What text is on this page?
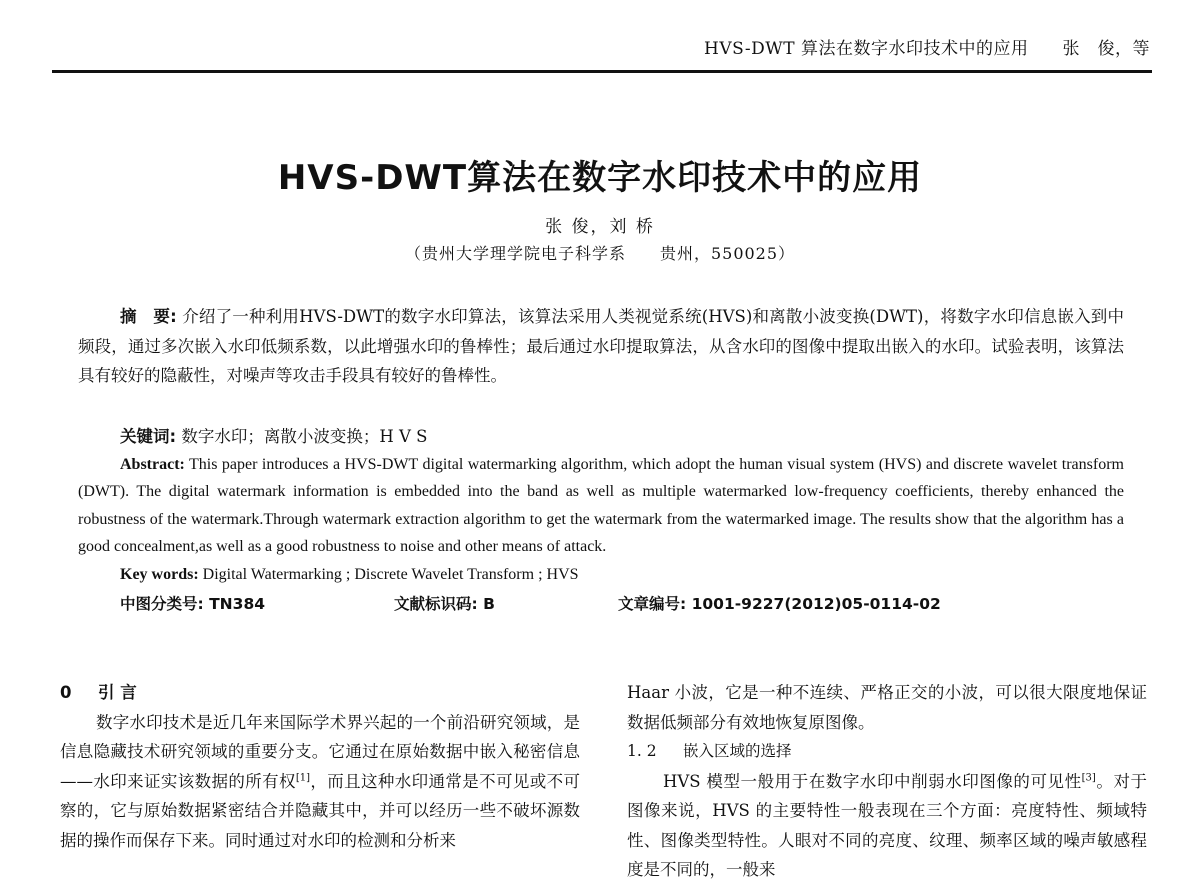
HVS-DWT 算法在数字水印技术中的应用 张　俊，等
HVS-DWT算法在数字水印技术中的应用
张 俊，刘 桥
（贵州大学理学院电子科学系　　贵州，550025）
摘　要: 介绍了一种利用HVS-DWT的数字水印算法，该算法采用人类视觉系统(HVS)和离散小波变换(DWT)，将数字水印信息嵌入到中频段，通过多次嵌入水印低频系数，以此增强水印的鲁棒性；最后通过水印提取算法，从含水印的图像中提取出嵌入的水印。试验表明，该算法具有较好的隐蔽性，对噪声等攻击手段具有较好的鲁棒性。
关键词: 数字水印；离散小波变换；H V S
Abstract: This paper introduces a HVS-DWT digital watermarking algorithm, which adopt the human visual system (HVS) and discrete wavelet transform (DWT). The digital watermark information is embedded into the band as well as multiple watermarked low-frequency coefficients, thereby enhanced the robustness of the watermark.Through watermark extraction algorithm to get the watermark from the watermarked image. The results show that the algorithm has a good concealment,as well as a good robustness to noise and other means of attack.
Key words: Digital Watermarking ; Discrete Wavelet Transform ; HVS
中图分类号: TN384	文献标识码: B	文章编号: 1001-9227(2012)05-0114-02

0 引 言

数字水印技术是近几年来国际学术界兴起的一个前沿研究领域，是信息隐藏技术研究领域的重要分支。它通过在原始数据中嵌入秘密信息——水印来证实该数据的所有权[1]，而且这种水印通常是不可见或不可察的，它与原始数据紧密结合并隐藏其中，并可以经历一些不破坏源数据的操作而保存下来。同时通过对水印的检测和分析来

Haar 小波，它是一种不连续、严格正交的小波，可以很大限度地保证数据低频部分有效地恢复原图像。

1. 2 嵌入区域的选择

HVS 模型一般用于在数字水印中削弱水印图像的可见性[3]。对于图像来说，HVS 的主要特性一般表现在三个方面：亮度特性、频域特性、图像类型特性。人眼对不同的亮度、纹理、频率区域的噪声敏感程度是不同的，一般来
